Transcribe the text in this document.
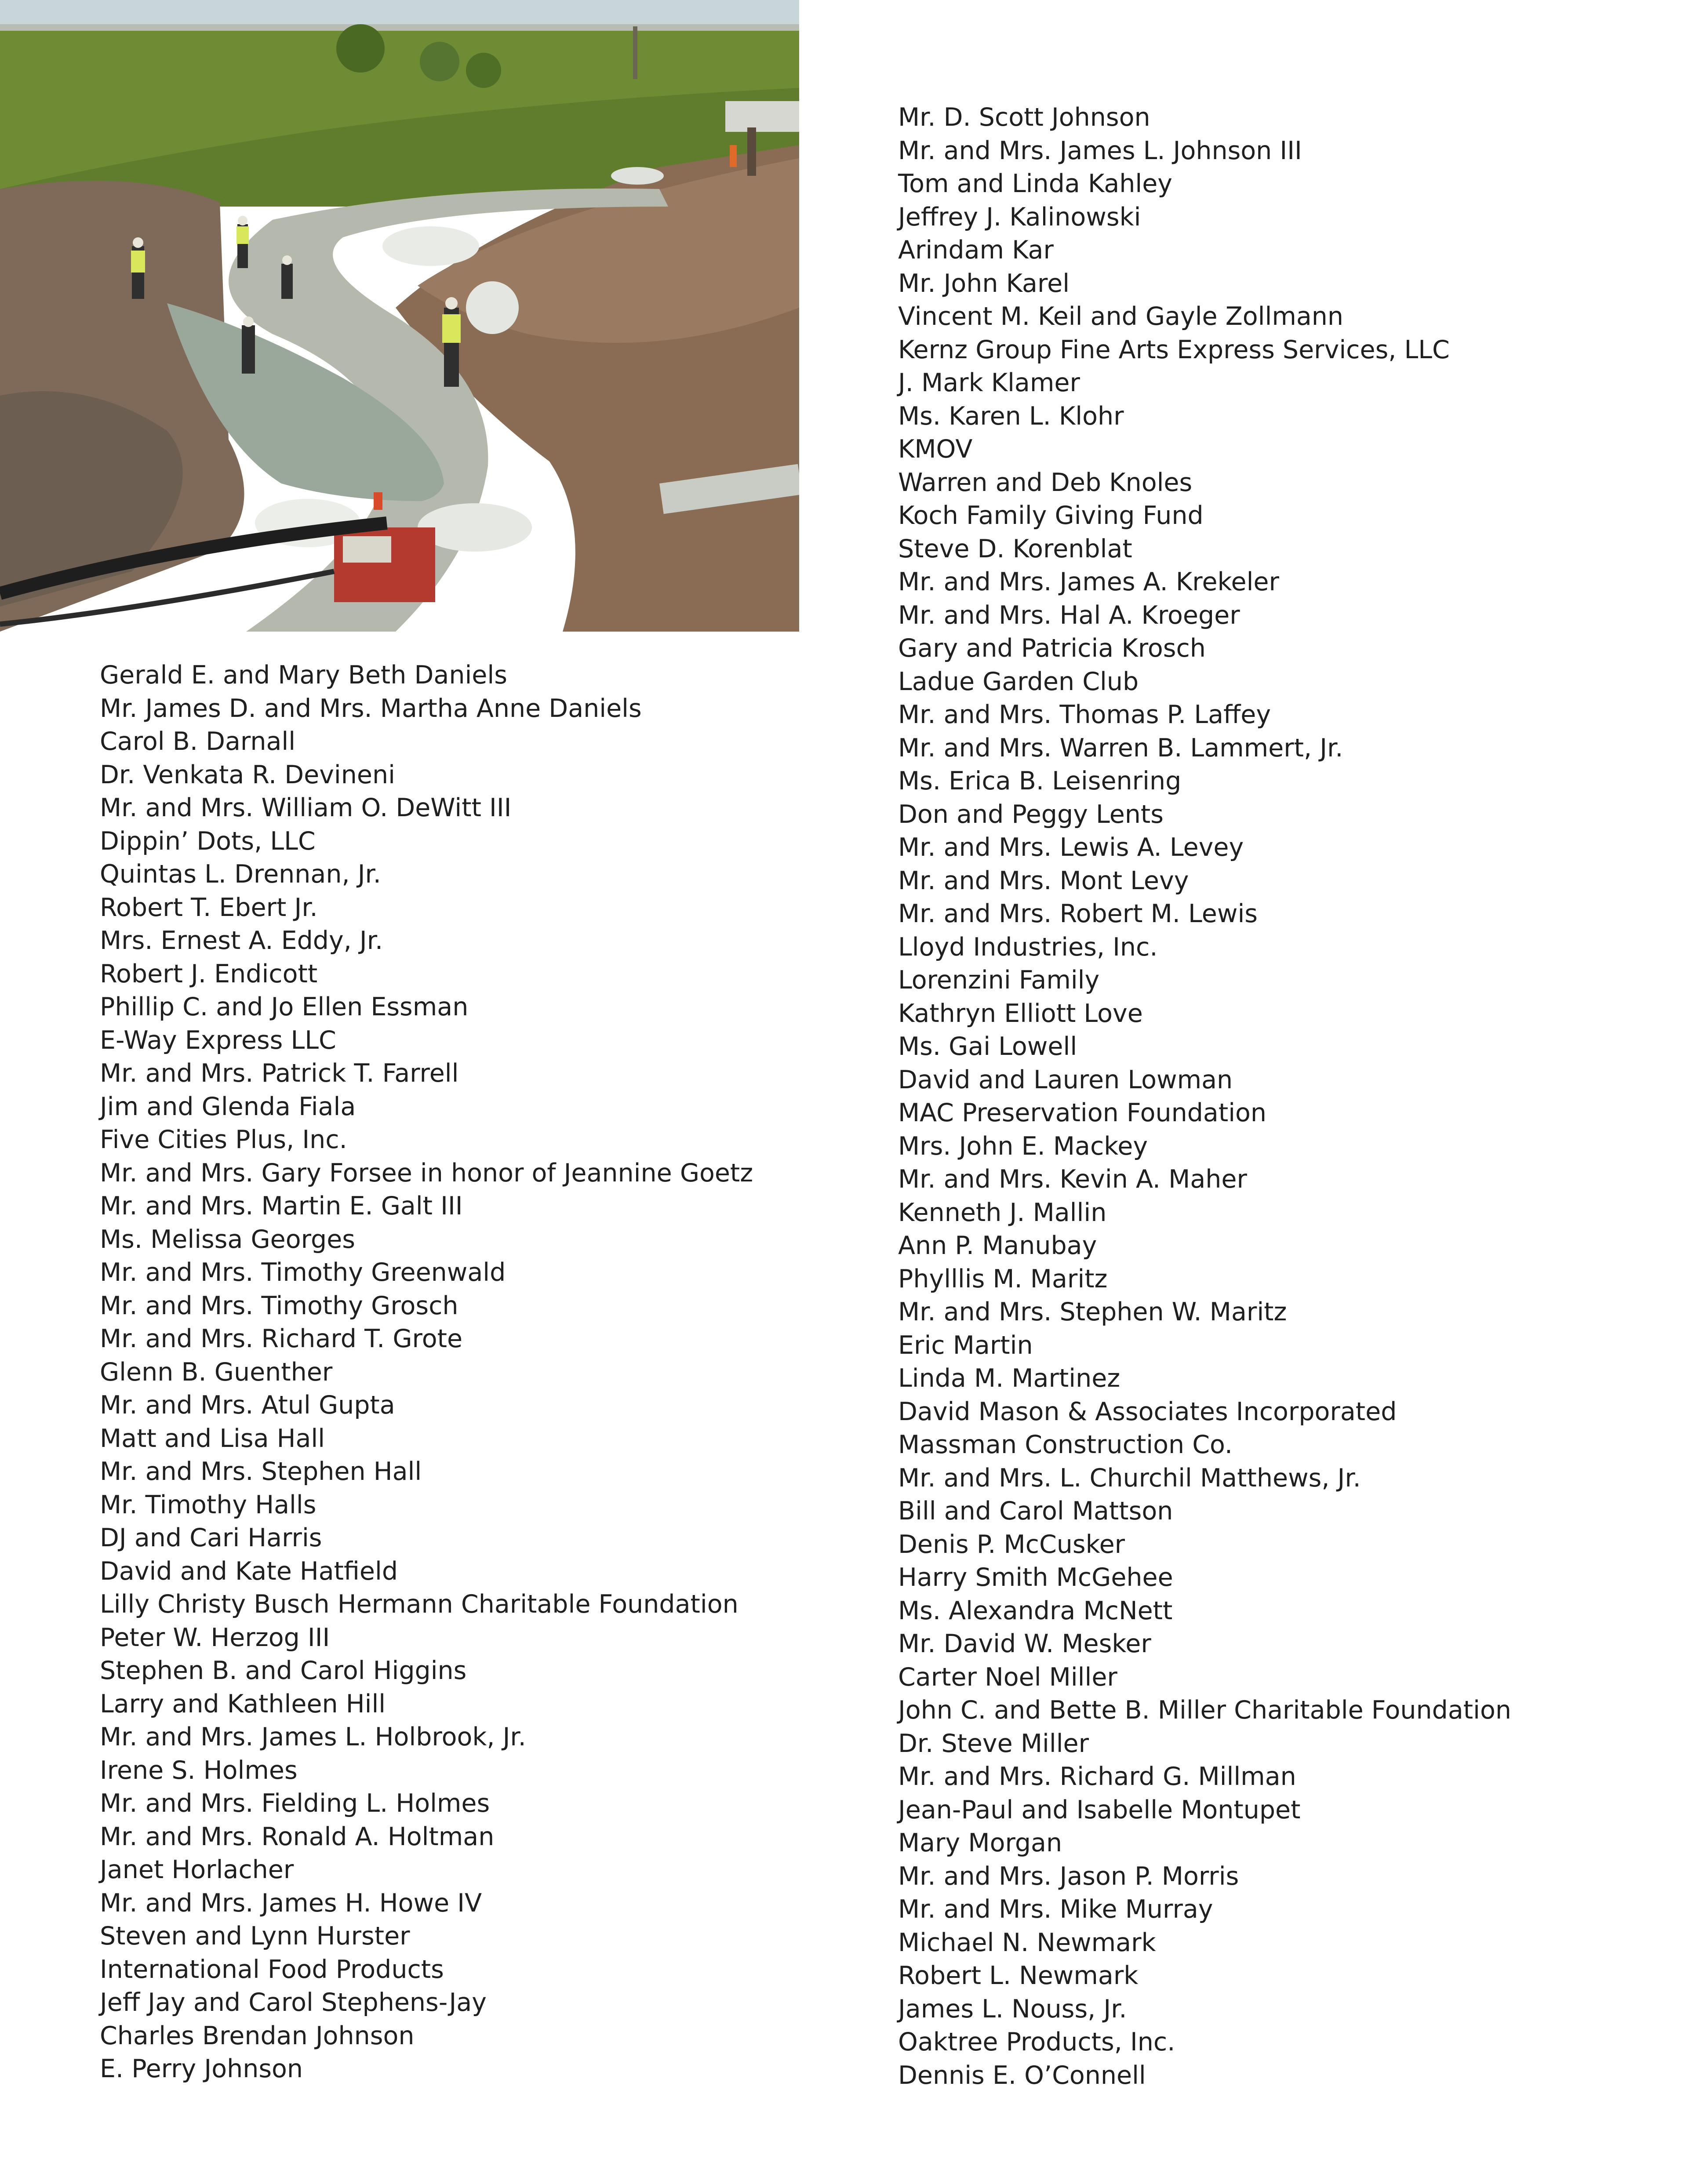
Gerald E. and Mary Beth Daniels
Mr. James D. and Mrs. Martha Anne Daniels
Carol B. Darnall
Dr. Venkata R. Devineni
Mr. and Mrs. William O. DeWitt III
Dippin’ Dots, LLC
Quintas L. Drennan, Jr.
Robert T. Ebert Jr.
Mrs. Ernest A. Eddy, Jr.
Robert J. Endicott
Phillip C. and Jo Ellen Essman
E-Way Express LLC
Mr. and Mrs. Patrick T. Farrell
Jim and Glenda Fiala
Five Cities Plus, Inc.
Mr. and Mrs. Gary Forsee in honor of Jeannine Goetz
Mr. and Mrs. Martin E. Galt III
Ms. Melissa Georges
Mr. and Mrs. Timothy Greenwald
Mr. and Mrs. Timothy Grosch
Mr. and Mrs. Richard T. Grote
Glenn B. Guenther
Mr. and Mrs. Atul Gupta
Matt and Lisa Hall
Mr. and Mrs. Stephen Hall
Mr. Timothy Halls
DJ and Cari Harris
David and Kate Hatfield
Lilly Christy Busch Hermann Charitable Foundation
Peter W. Herzog III
Stephen B. and Carol Higgins
Larry and Kathleen Hill
Mr. and Mrs. James L. Holbrook, Jr.
Irene S. Holmes
Mr. and Mrs. Fielding L. Holmes
Mr. and Mrs. Ronald A. Holtman
Janet Horlacher
Mr. and Mrs. James H. Howe IV
Steven and Lynn Hurster
International Food Products
Jeff Jay and Carol Stephens-Jay
Charles Brendan Johnson
E. Perry Johnson
Mr. D. Scott Johnson
Mr. and Mrs. James L. Johnson III
Tom and Linda Kahley
Jeffrey J. Kalinowski
Arindam Kar
Mr. John Karel
Vincent M. Keil and Gayle Zollmann
Kernz Group Fine Arts Express Services, LLC
J. Mark Klamer
Ms. Karen L. Klohr
KMOV
Warren and Deb Knoles
Koch Family Giving Fund
Steve D. Korenblat
Mr. and Mrs. James A. Krekeler
Mr. and Mrs. Hal A. Kroeger
Gary and Patricia Krosch
Ladue Garden Club
Mr. and Mrs. Thomas P. Laffey
Mr. and Mrs. Warren B. Lammert, Jr.
Ms. Erica B. Leisenring
Don and Peggy Lents
Mr. and Mrs. Lewis A. Levey
Mr. and Mrs. Mont Levy
Mr. and Mrs. Robert M. Lewis
Lloyd Industries, Inc.
Lorenzini Family
Kathryn Elliott Love
Ms. Gai Lowell
David and Lauren Lowman
MAC Preservation Foundation
Mrs. John E. Mackey
Mr. and Mrs. Kevin A. Maher
Kenneth J. Mallin
Ann P. Manubay
Phylllis M. Maritz
Mr. and Mrs. Stephen W. Maritz
Eric Martin
Linda M. Martinez
David Mason & Associates Incorporated
Massman Construction Co.
Mr. and Mrs. L. Churchil Matthews, Jr.
Bill and Carol Mattson
Denis P. McCusker
Harry Smith McGehee
Ms. Alexandra McNett
Mr. David W. Mesker
Carter Noel Miller
John C. and Bette B. Miller Charitable Foundation
Dr. Steve Miller
Mr. and Mrs. Richard G. Millman
Jean-Paul and Isabelle Montupet
Mary Morgan
Mr. and Mrs. Jason P. Morris
Mr. and Mrs. Mike Murray
Michael N. Newmark
Robert L. Newmark
James L. Nouss, Jr.
Oaktree Products, Inc.
Dennis E. O’Connell
